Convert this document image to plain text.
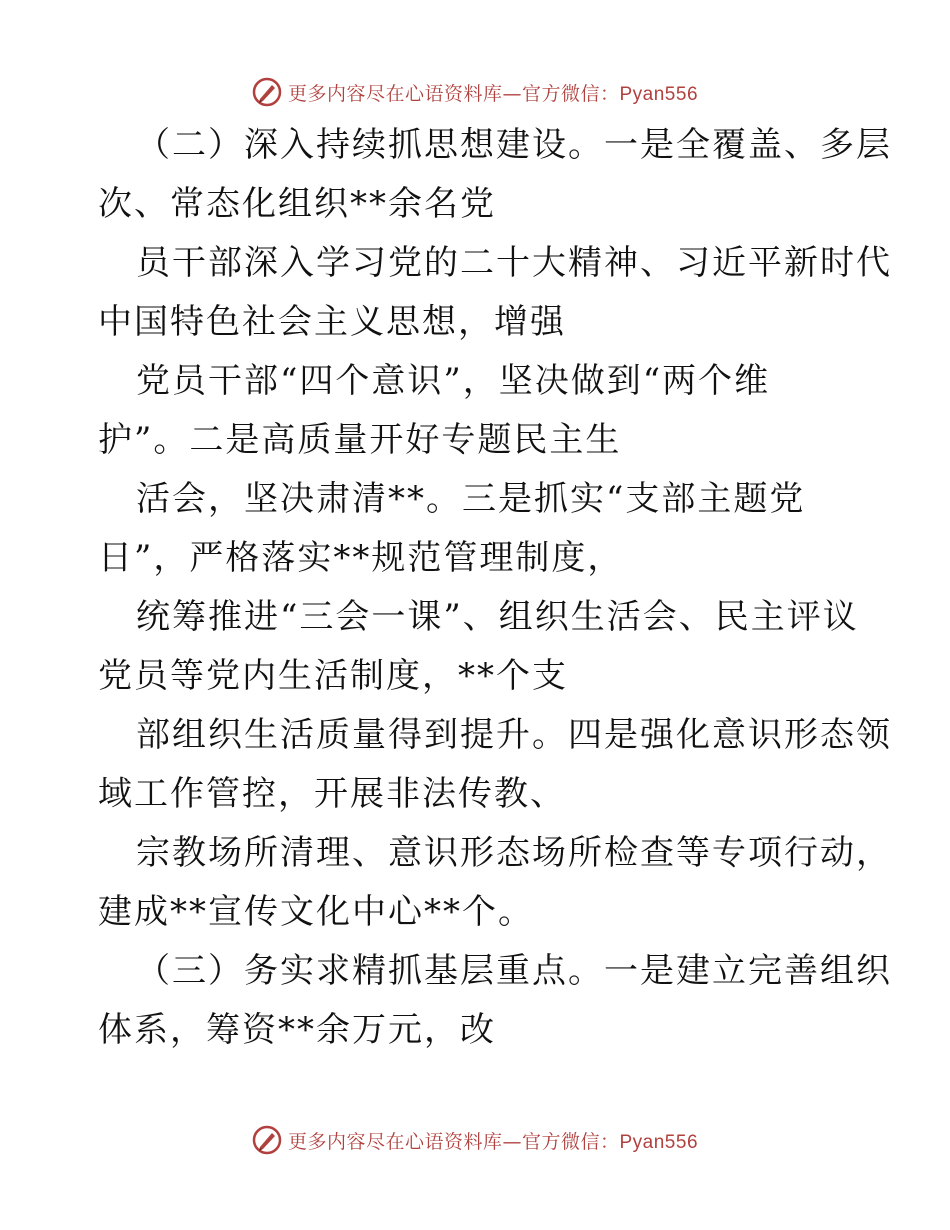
更多内容尽在心语资料库—官方微信：Pyan556
（二）深入持续抓思想建设。一是全覆盖、多层
次、常态化组织**余名党
员干部深入学习党的二十大精神、习近平新时代
中国特色社会主义思想，增强
党员干部“四个意识”，坚决做到“两个维
护”。二是高质量开好专题民主生
活会，坚决肃清**。三是抓实“支部主题党
日”，严格落实**规范管理制度，
统筹推进“三会一课”、组织生活会、民主评议
党员等党内生活制度，**个支
部组织生活质量得到提升。四是强化意识形态领
域工作管控，开展非法传教、
宗教场所清理、意识形态场所检查等专项行动，
建成**宣传文化中心**个。
（三）务实求精抓基层重点。一是建立完善组织
体系，筹资**余万元，改
更多内容尽在心语资料库—官方微信：Pyan556
